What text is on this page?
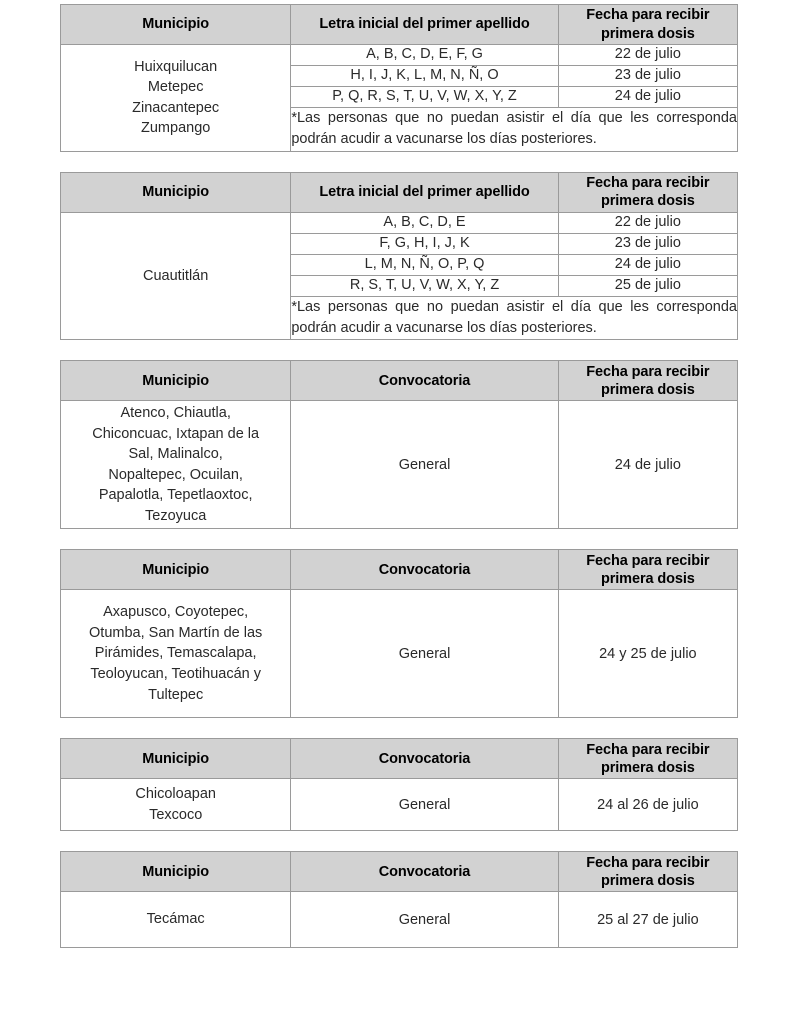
Municipio	Letra inicial del primer apellido	Fecha para recibir
primera dosis

Huixquilucan
Metepec
Zinacantepec
Zumpango	A, B, C, D, E, F, G	22 de julio
	H, I, J, K, L, M, N, Ñ, O	23 de julio
	P, Q, R, S, T, U, V, W, X, Y, Z	24 de julio
	*Las personas que no puedan asistir el día que les corresponda podrán acudir a vacunarse los días posteriores.	
Municipio	Letra inicial del primer apellido	Fecha para recibir
primera dosis

Cuautitlán	A, B, C, D, E	22 de julio
	F, G, H, I, J, K	23 de julio
	L, M, N, Ñ, O, P, Q	24 de julio
	R, S, T, U, V, W, X, Y, Z	25 de julio
	*Las personas que no puedan asistir el día que les corresponda podrán acudir a vacunarse los días posteriores.	
Municipio	Convocatoria	Fecha para recibir
primera dosis

Atenco, Chiautla,
Chiconcuac, Ixtapan de la
Sal, Malinalco,
Nopaltepec, Ocuilan,
Papalotla, Tepetlaoxtoc,
Tezoyuca
	General	24 de julio
Municipio	Convocatoria	Fecha para recibir
primera dosis

Axapusco, Coyotepec,
Otumba, San Martín de las
Pirámides, Temascalapa,
Teoloyucan, Teotihuacán y
Tultepec	General	24 y 25 de julio
Municipio	Convocatoria	Fecha para recibir
primera dosis

Chicoloapan
Texcoco	General	24 al 26 de julio
Municipio	Convocatoria	Fecha para recibir
primera dosis

Tecámac	General	25 al 27 de julio
